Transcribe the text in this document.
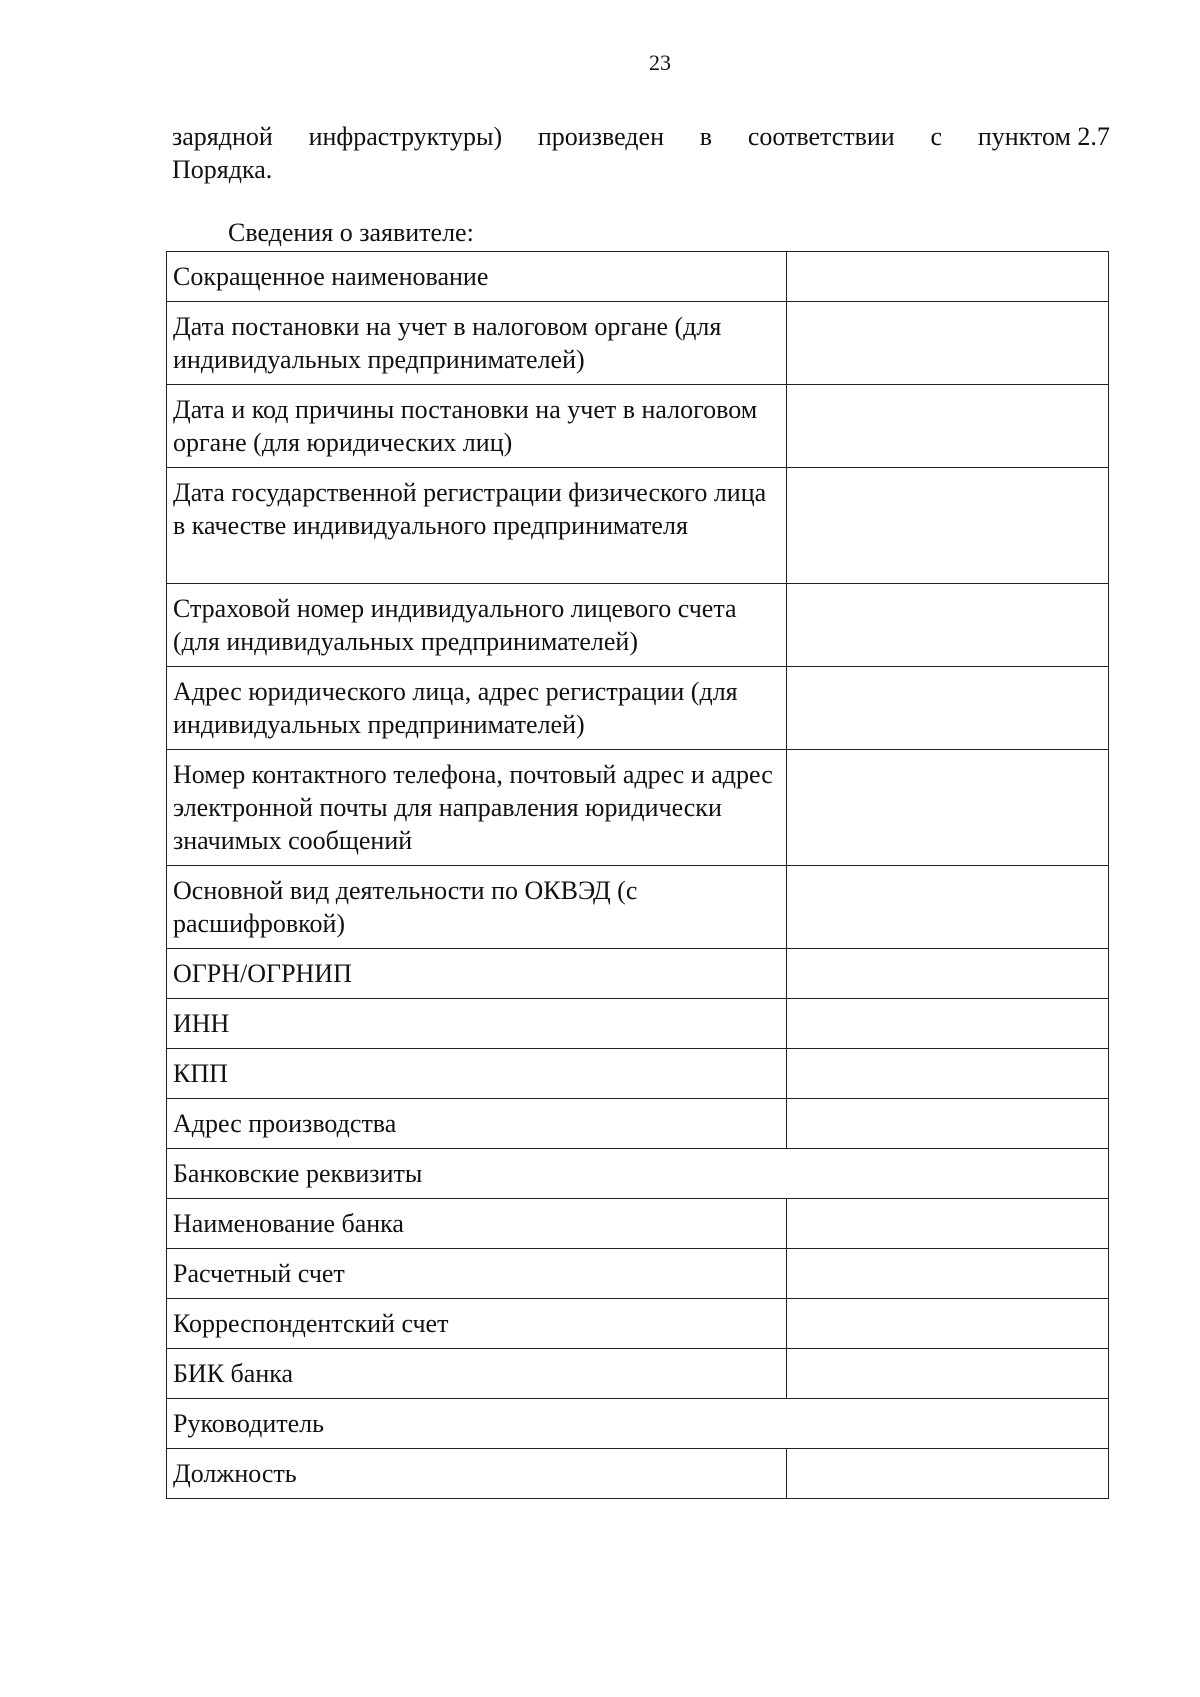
23
зарядной инфраструктуры) произведен в соответствии с пунктом 2.7
Порядка.
Сведения о заявителе:
Сокращенное наименование	
Дата постановки на учет в налоговом органе (для индивидуальных предпринимателей)	
Дата и код причины постановки на учет в налоговом органе (для юридических лиц)	
Дата государственной регистрации физического лица в качестве индивидуального предпринимателя	
Страховой номер индивидуального лицевого счета (для индивидуальных предпринимателей)	
Адрес юридического лица, адрес регистрации (для индивидуальных предпринимателей)	
Номер контактного телефона, почтовый адрес и адрес электронной почты для направления юридически значимых сообщений	
Основной вид деятельности по ОКВЭД (с расшифровкой)	
ОГРН/ОГРНИП	
ИНН	
КПП	
Адрес производства	
Банковские реквизиты	
Наименование банка	
Расчетный счет	
Корреспондентский счет	
БИК банка	
Руководитель	
Должность	
